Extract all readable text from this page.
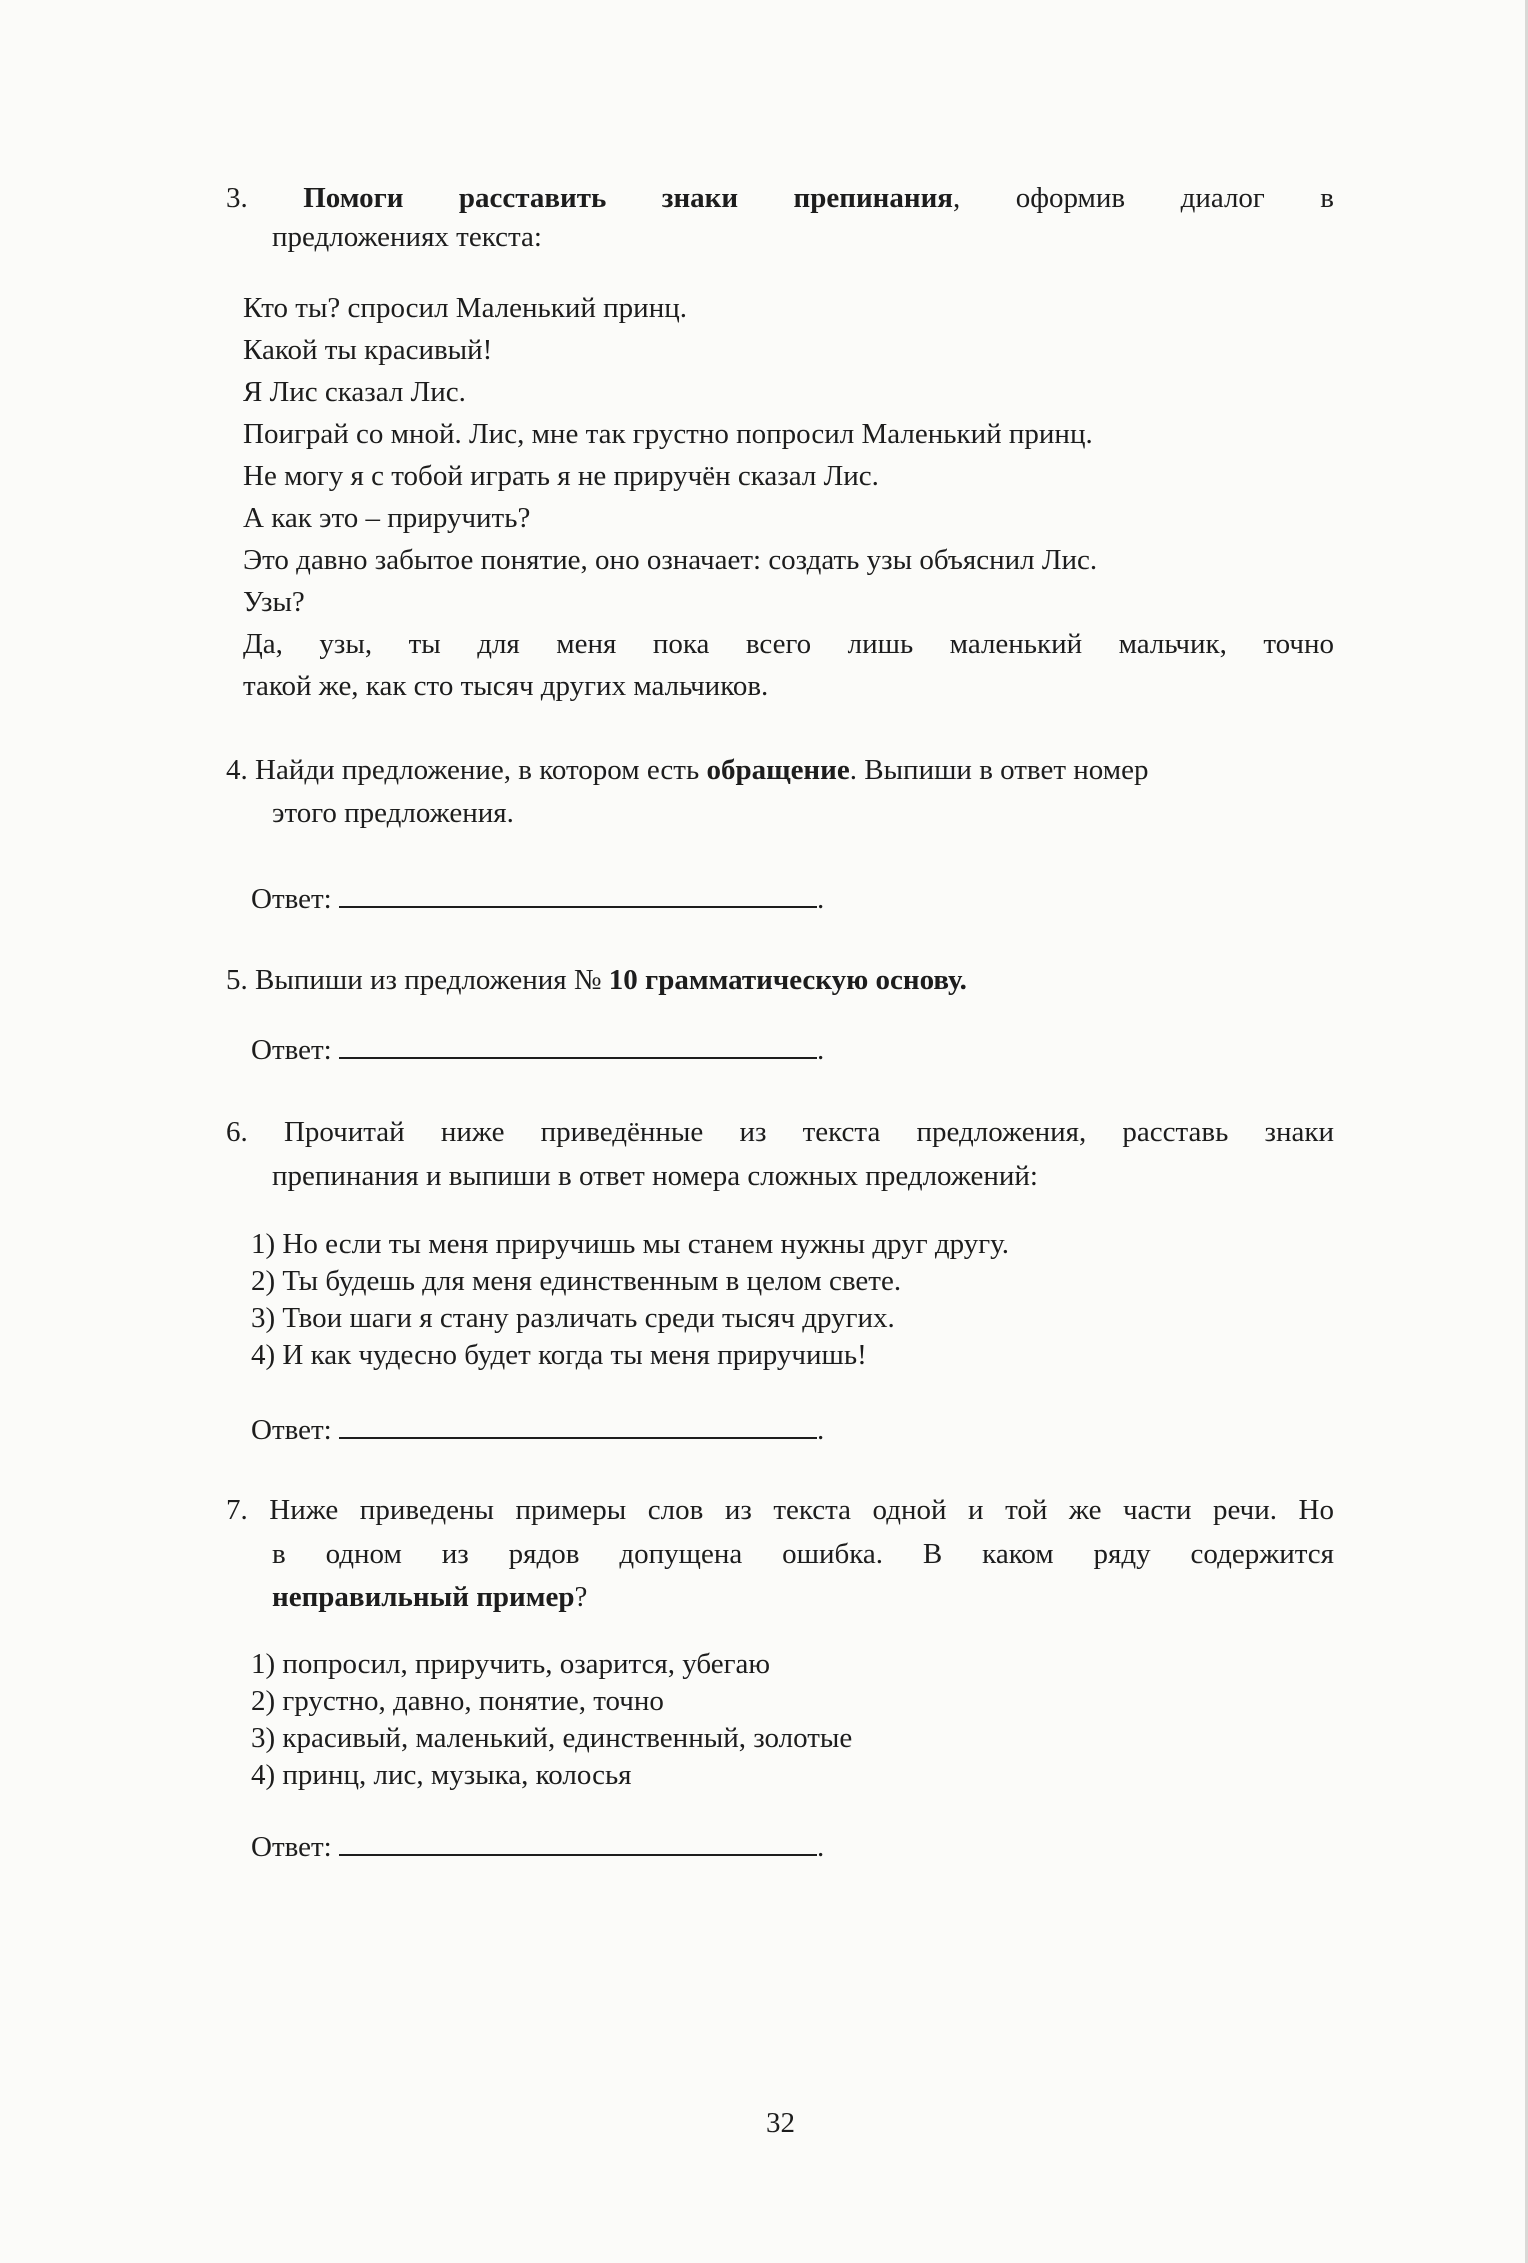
3. Помоги расставить знаки препинания, оформив диалог в
предложениях текста:
Кто ты? спросил Маленький принц.
Какой ты красивый!
Я Лис сказал Лис.
Поиграй со мной. Лис, мне так грустно попросил Маленький принц.
Не могу я с тобой играть я не приручён сказал Лис.
А как это – приручить?
Это давно забытое понятие, оно означает: создать узы объяснил Лис.
Узы?
Да, узы, ты для меня пока всего лишь маленький мальчик, точно
такой же, как сто тысяч других мальчиков.
4. Найди предложение, в котором есть обращение. Выпиши в ответ номер
этого предложения.
Ответ:	.
5. Выпиши из предложения № 10 грамматическую основу.
Ответ:	.
6. Прочитай ниже приведённые из текста предложения, расставь знаки
препинания и выпиши в ответ номера сложных предложений:
1) Но если ты меня приручишь мы станем нужны друг другу.
2) Ты будешь для меня единственным в целом свете.
3) Твои шаги я стану различать среди тысяч других.
4) И как чудесно будет когда ты меня приручишь!
Ответ:	.
7. Ниже приведены примеры слов из текста одной и той же части речи. Но
в одном из рядов допущена ошибка. В каком ряду содержится
неправильный пример?
1) попросил, приручить, озарится, убегаю
2) грустно, давно, понятие, точно
3) красивый, маленький, единственный, золотые
4) принц, лис, музыка, колосья
Ответ:	.
32
